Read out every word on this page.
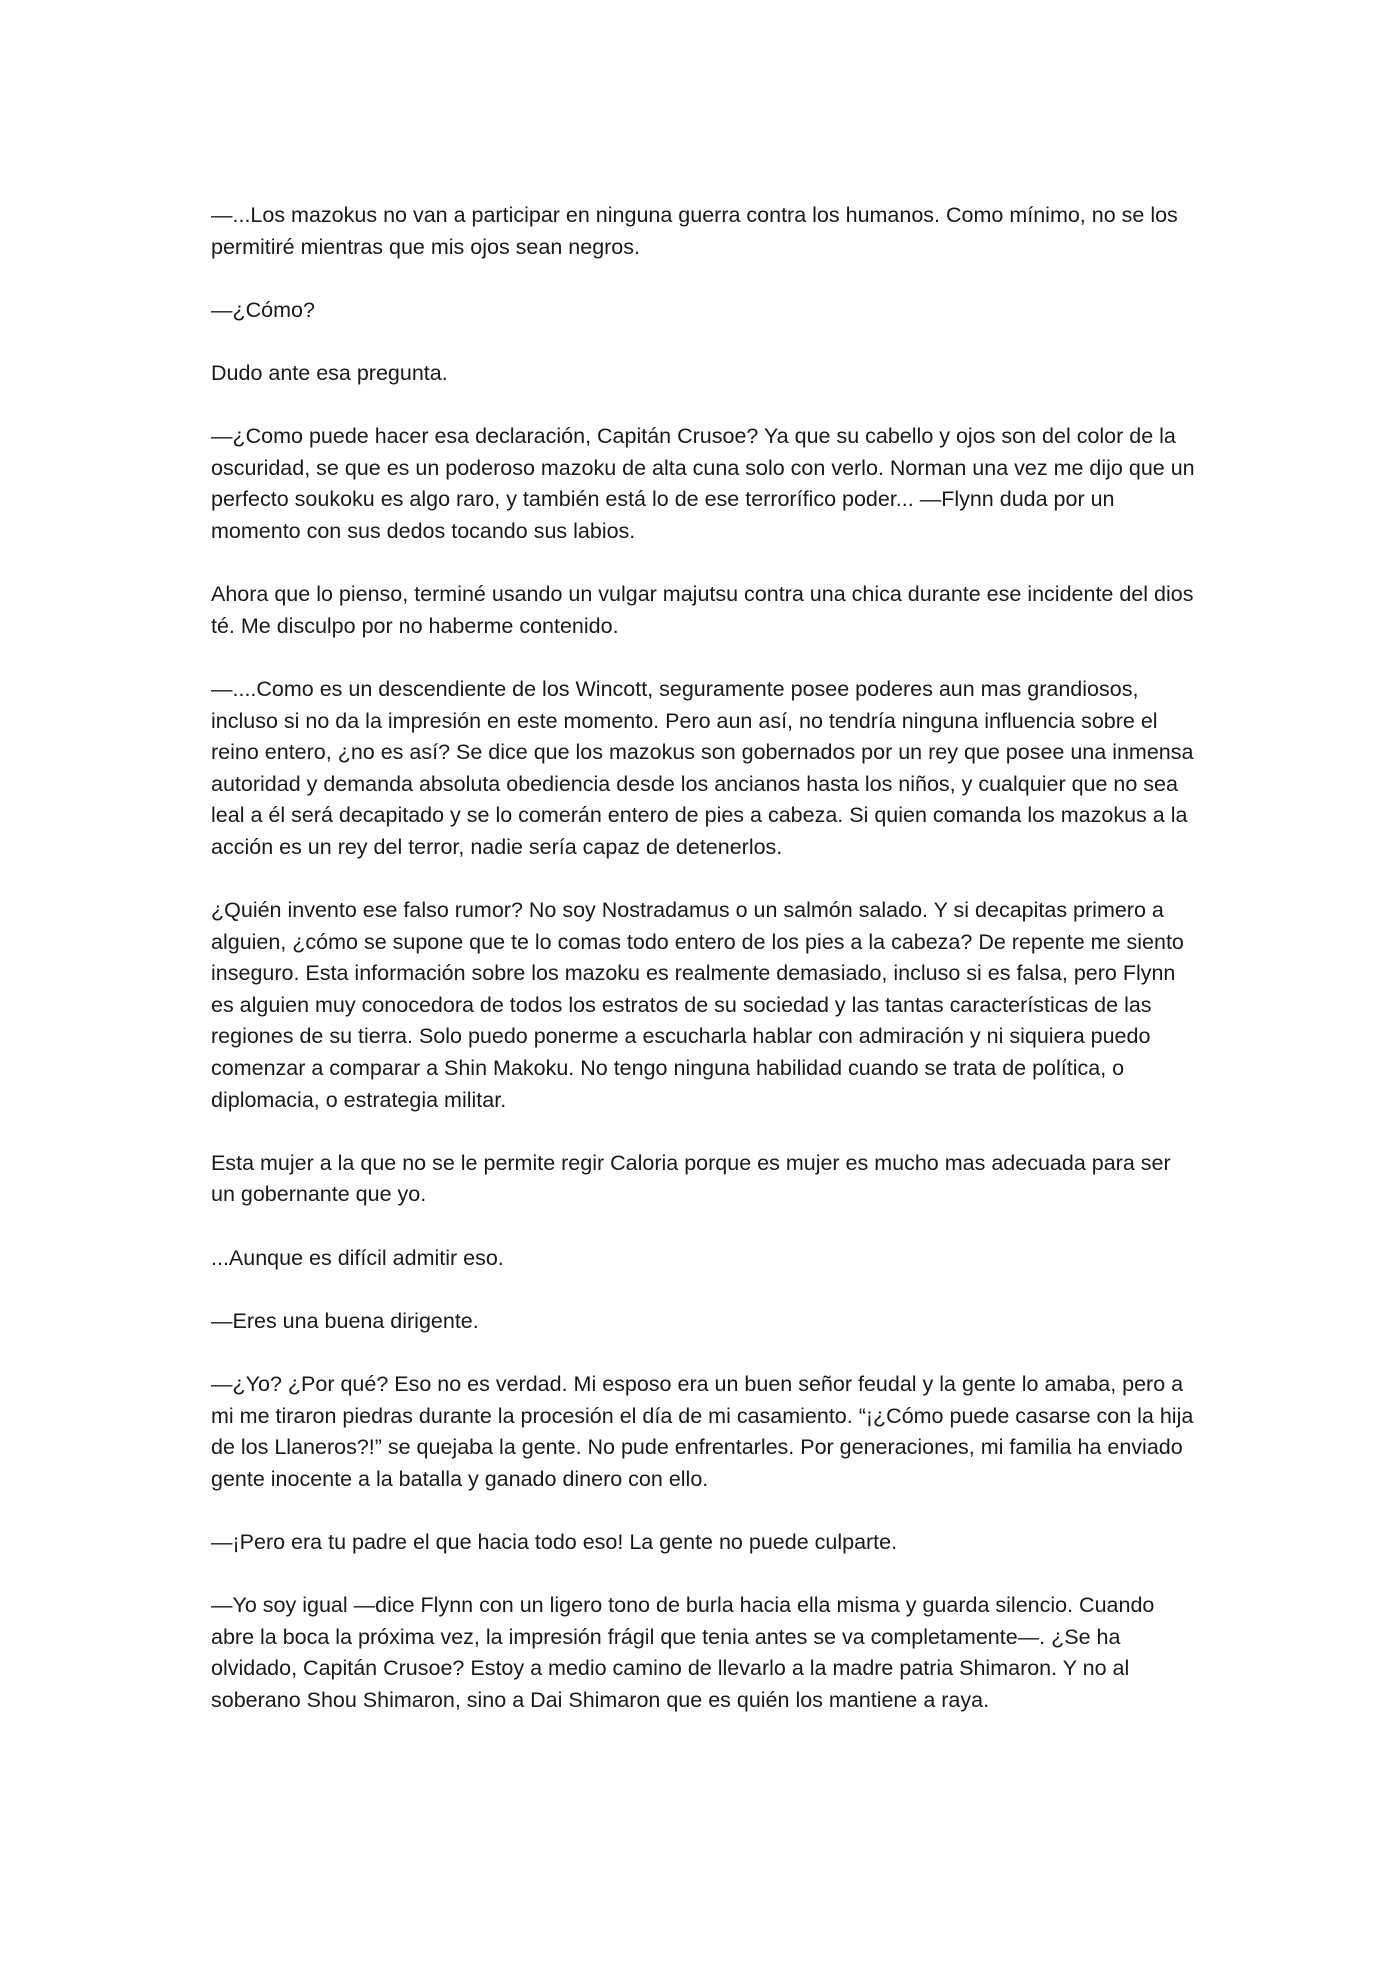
—...Los mazokus no van a participar en ninguna guerra contra los humanos. Como mínimo, no se los permitiré mientras que mis ojos sean negros.

—¿Cómo?

Dudo ante esa pregunta.

—¿Como puede hacer esa declaración, Capitán Crusoe? Ya que su cabello y ojos son del color de la oscuridad, se que es un poderoso mazoku de alta cuna solo con verlo. Norman una vez me dijo que un perfecto soukoku es algo raro, y también está lo de ese terrorífico poder... —Flynn duda por un momento con sus dedos tocando sus labios.

Ahora que lo pienso, terminé usando un vulgar majutsu contra una chica durante ese incidente del dios té. Me disculpo por no haberme contenido.

—....Como es un descendiente de los Wincott, seguramente posee poderes aun mas grandiosos, incluso si no da la impresión en este momento. Pero aun así, no tendría ninguna influencia sobre el reino entero, ¿no es así? Se dice que los mazokus son gobernados por un rey que posee una inmensa autoridad y demanda absoluta obediencia desde los ancianos hasta los niños, y cualquier que no sea leal a él será decapitado y se lo comerán entero de pies a cabeza. Si quien comanda los mazokus a la acción es un rey del terror, nadie sería capaz de detenerlos.

¿Quién invento ese falso rumor? No soy Nostradamus o un salmón salado. Y si decapitas primero a alguien, ¿cómo se supone que te lo comas todo entero de los pies a la cabeza? De repente me siento inseguro. Esta información sobre los mazoku es realmente demasiado, incluso si es falsa, pero Flynn es alguien muy conocedora de todos los estratos de su sociedad y las tantas características de las regiones de su tierra. Solo puedo ponerme a escucharla hablar con admiración y ni siquiera puedo comenzar a comparar a Shin Makoku. No tengo ninguna habilidad cuando se trata de política, o diplomacia, o estrategia militar.

Esta mujer a la que no se le permite regir Caloria porque es mujer es mucho mas adecuada para ser un gobernante que yo.

...Aunque es difícil admitir eso.

—Eres una buena dirigente.

—¿Yo? ¿Por qué? Eso no es verdad. Mi esposo era un buen señor feudal y la gente lo amaba, pero a mi me tiraron piedras durante la procesión el día de mi casamiento. “¡¿Cómo puede casarse con la hija de los Llaneros?!” se quejaba la gente. No pude enfrentarles. Por generaciones, mi familia ha enviado gente inocente a la batalla y ganado dinero con ello.

—¡Pero era tu padre el que hacia todo eso! La gente no puede culparte.

—Yo soy igual —dice Flynn con un ligero tono de burla hacia ella misma y guarda silencio. Cuando abre la boca la próxima vez, la impresión frágil que tenia antes se va completamente—. ¿Se ha olvidado, Capitán Crusoe? Estoy a medio camino de llevarlo a la madre patria Shimaron. Y no al soberano Shou Shimaron, sino a Dai Shimaron que es quién los mantiene a raya.
